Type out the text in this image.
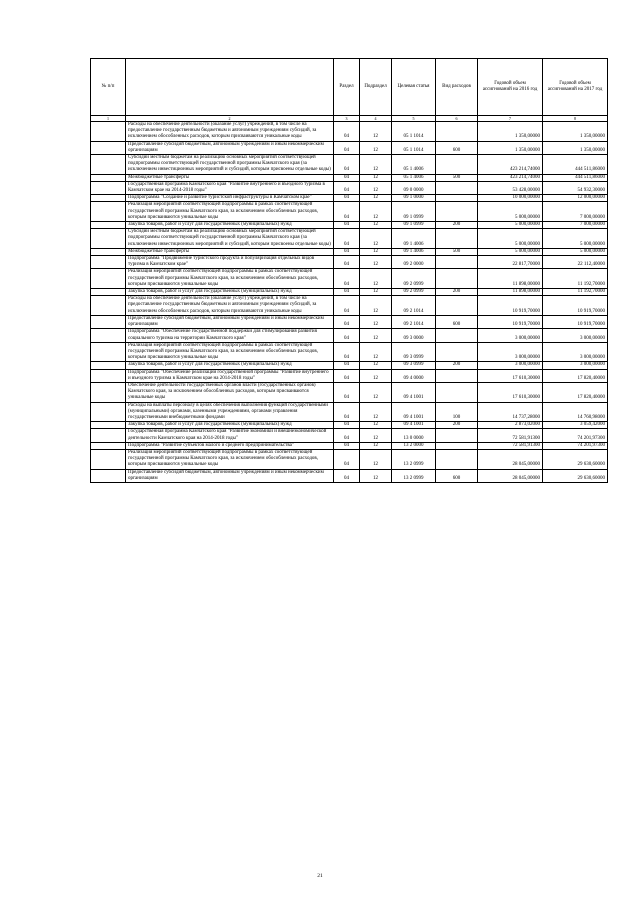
№ п/п		Раздел	Подраздел	Целевая статья	Вид расходов	Годовой объем ассигнований на 2016 год	Годовой объем ассигнований на 2017 год
1	2	3	4	5	6	7	8
	Расходы на обеспечение деятельности (оказание услуг) учреждений, в том числе на предоставление государственным бюджетным и автономным учреждениям субсидий, за исключением обособленных расходов, которым присваиваются уникальные коды	04	12	05 1 1014		1 350,00000	1 350,00000
	Предоставление субсидий бюджетным, автономным учреждениям и иным некоммерческим организациям	04	12	05 1 1014	600	1 350,00000	1 350,00000
	Субсидии местным бюджетам на реализацию основных мероприятий соответствующей подпрограммы соответствующей государственной программы Камчатского края (за исключением инвестиционных мероприятий и субсидий, которым присвоены отдельные коды)	04	12	05 1 4006		423 214,74000	444 511,86000
	Межбюджетные трансферты	04	12	05 1 4006	500	423 214,74000	444 511,86000
	Государственная программа Камчатского края "Развитие внутреннего и въездного туризма в Камчатском крае на 2014-2018 годы"	04	12	09 0 0000		53 428,00000	54 932,30000
	Подпрограмма "Создание и развитие туристской инфраструктуры в Камчатском крае"	04	12	09 1 0000		10 000,00000	12 000,00000
	Реализация мероприятий соответствующей подпрограммы в рамках соответствующей государственной программы Камчатского края, за исключением обособленных расходов, которым присваиваются уникальные коды	04	12	09 1 0999		5 000,00000	7 000,00000
	Закупка товаров, работ и услуг для государственных (муниципальных) нужд	04	12	09 1 0999	200	5 000,00000	7 000,00000
	Субсидии местным бюджетам на реализацию основных мероприятий соответствующей подпрограммы соответствующей государственной программы Камчатского края (за исключением инвестиционных мероприятий и субсидий, которым присвоены отдельные коды)	04	12	09 1 4006		5 000,00000	5 000,00000
	Межбюджетные трансферты	04	12	09 1 4006	500	5 000,00000	5 000,00000
	Подпрограмма "Продвижение туристского продукта и популяризация отдельных видов туризма в Камчатском крае"	04	12	09 2 0000		22 817,70000	22 112,40000
	Реализация мероприятий соответствующей подпрограммы в рамках соответствующей государственной программы Камчатского края, за исключением обособленных расходов, которым присваиваются уникальные коды	04	12	09 2 0999		11 898,00000	11 192,70000
	Закупка товаров, работ и услуг для государственных (муниципальных) нужд	04	12	09 2 0999	200	11 898,00000	11 192,70000
	Расходы на обеспечение деятельности (оказание услуг) учреждений, в том числе на предоставление государственным бюджетным и автономным учреждениям субсидий, за исключением обособленных расходов, которым присваиваются уникальные коды	04	12	09 2 1014		10 919,70000	10 919,70000
	Предоставление субсидий бюджетным, автономным учреждениям и иным некоммерческим организациям	04	12	09 2 1014	600	10 919,70000	10 919,70000
	Подпрограмма "Обеспечение государственной поддержки для стимулирования развития социального туризма на территории Камчатского края"	04	12	09 3 0000		3 000,00000	3 000,00000
	Реализация мероприятий соответствующей подпрограммы в рамках соответствующей государственной программы Камчатского края, за исключением обособленных расходов, которым присваиваются уникальные коды	04	12	09 3 0999		3 000,00000	3 000,00000
	Закупка товаров, работ и услуг для государственных (муниципальных) нужд	04	12	09 3 0999	200	3 000,00000	3 000,00000
	Подпрограмма "Обеспечение реализации государственной программы "Развитие внутреннего и въездного туризма в Камчатском крае на 2014-2018 годы"	04	12	09 4 0000		17 610,30000	17 820,40000
	Обеспечение деятельности государственных органов власти (государственных органов) Камчатского края, за исключением обособленных расходов, которым присваиваются уникальные коды	04	12	09 4 1001		17 610,30000	17 820,40000
	Расходы на выплаты персоналу в целях обеспечения выполнения функций государственными (муниципальными) органами, казенными учреждениями, органами управления государственными внебюджетными фондами	04	12	09 4 1001	100	14 737,28000	14 760,98000
	Закупка товаров, работ и услуг для государственных (муниципальных) нужд	04	12	09 4 1001	200	2 873,02000	3 059,42000
	Государственная программа Камчатского края "Развитие экономики и внешнеэкономической деятельности Камчатского края на 2014-2018 годы"	04	12	13 0 0000		72 581,91300	74 201,97300
	Подпрограмма "Развитие субъектов малого и среднего предпринимательства"	04	12	13 2 0000		72 581,91300	74 201,97300
	Реализация мероприятий соответствующей подпрограммы в рамках соответствующей государственной программы Камчатского края, за исключением обособленных расходов, которым присваиваются уникальные коды	04	12	13 2 0999		28 045,00000	29 630,60000
	Предоставление субсидий бюджетным, автономным учреждениям и иным некоммерческим организациям	04	12	13 2 0999	600	28 045,00000	29 630,60000
21
